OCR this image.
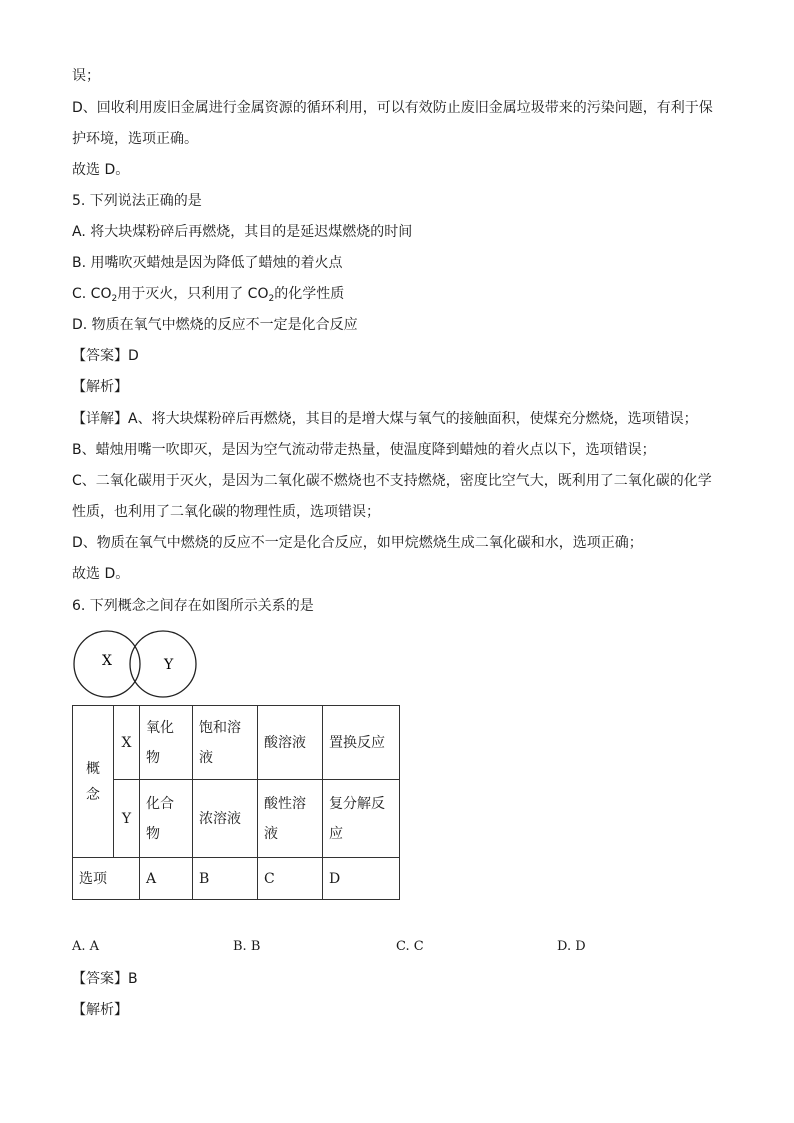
误；
D、回收利用废旧金属进行金属资源的循环利用，可以有效防止废旧金属垃圾带来的污染问题，有利于保
护环境，选项正确。
故选 D。
5. 下列说法正确的是
A. 将大块煤粉碎后再燃烧，其目的是延迟煤燃烧的时间
B. 用嘴吹灭蜡烛是因为降低了蜡烛的着火点
C. $CO_2$用于灭火，只利用了 $CO_2$的化学性质
D. 物质在氧气中燃烧的反应不一定是化合反应
【答案】D
【解析】
【详解】A、将大块煤粉碎后再燃烧，其目的是增大煤与氧气的接触面积，使煤充分燃烧，选项错误；
B、蜡烛用嘴一吹即灭，是因为空气流动带走热量，使温度降到蜡烛的着火点以下，选项错误；
C、二氧化碳用于灭火，是因为二氧化碳不燃烧也不支持燃烧，密度比空气大，既利用了二氧化碳的化学
性质，也利用了二氧化碳的物理性质，选项错误；
D、物质在氧气中燃烧的反应不一定是化合反应，如甲烷燃烧生成二氧化碳和水，选项正确；
故选 D。
6. 下列概念之间存在如图所示关系的是
X	Y
概念	X	氧化物	饱和溶液	酸溶液	置换反应
	Y	化合物	浓溶液	酸性溶液	复分解反应

选项		A	B	C	D
A. A	B. B	C. C	D. D
【答案】B
【解析】
